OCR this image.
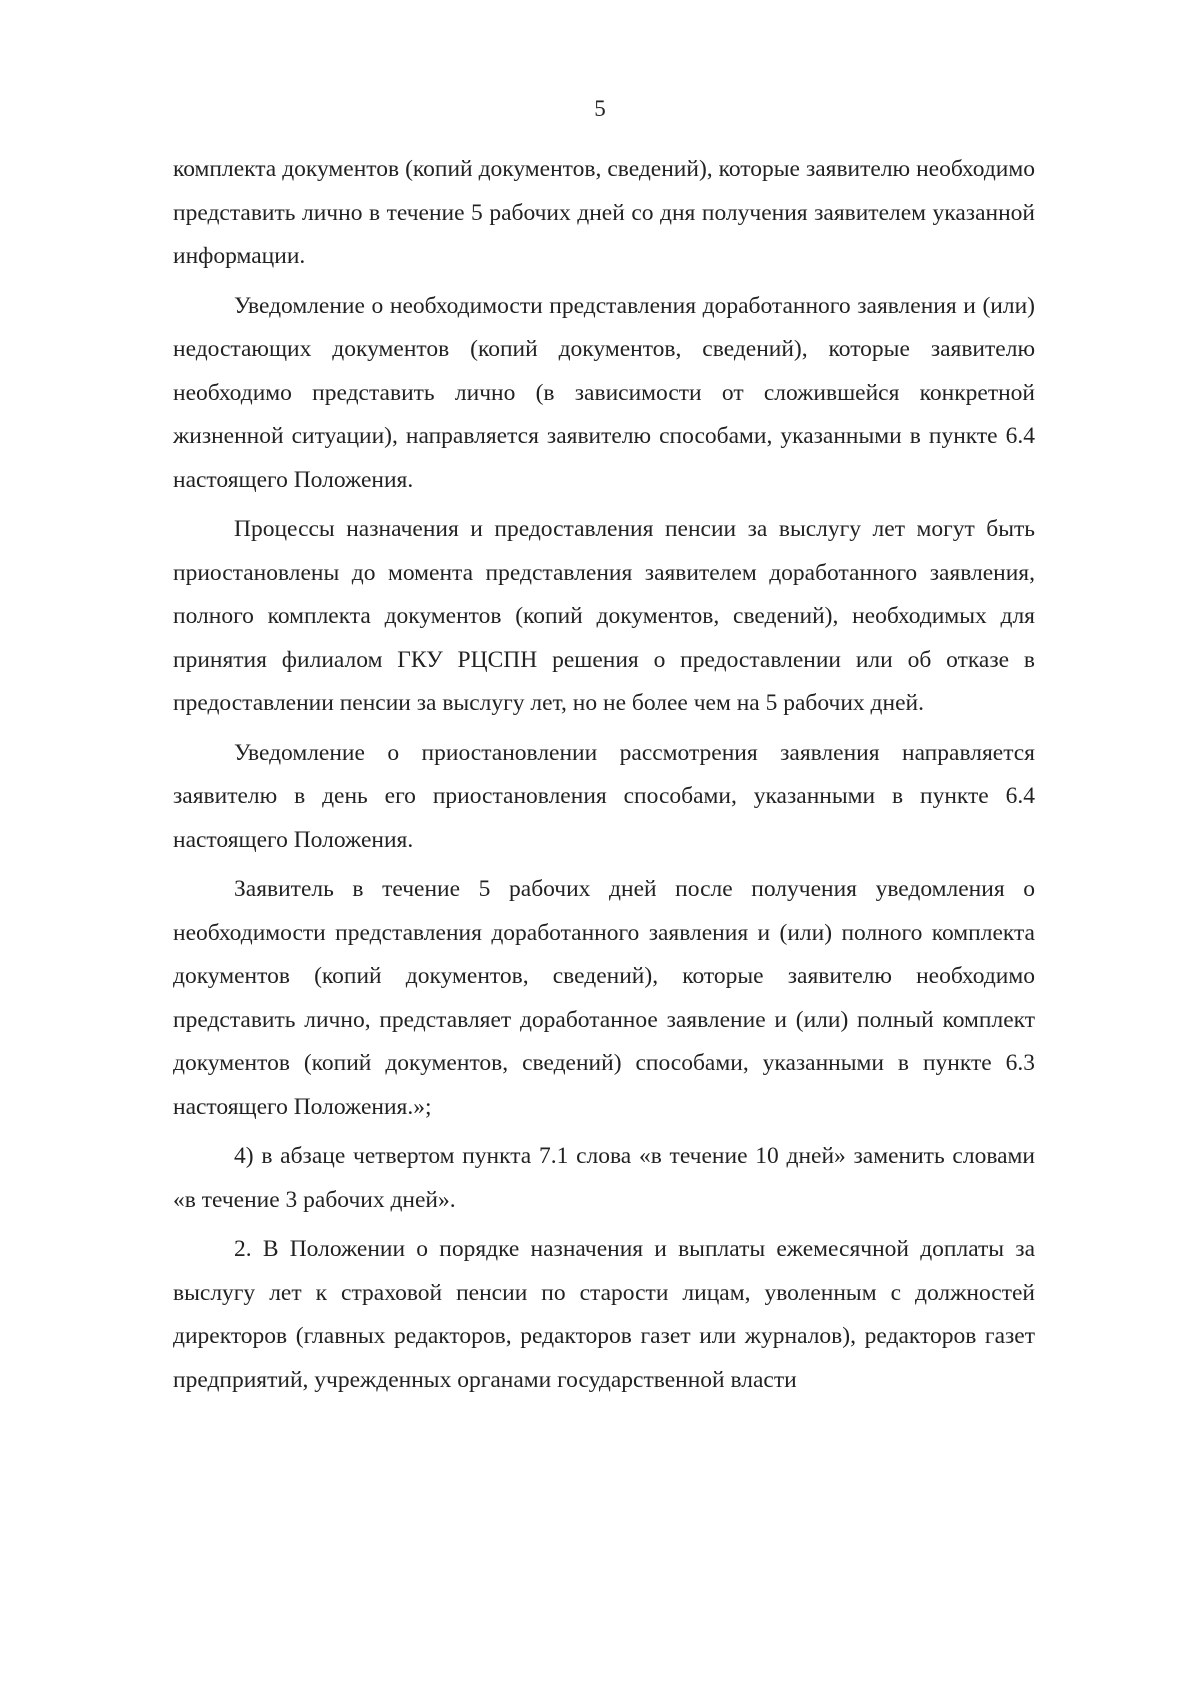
5

комплекта документов (копий документов, сведений), которые заявителю необходимо представить лично в течение 5 рабочих дней со дня получения заявителем указанной информации.

Уведомление о необходимости представления доработанного заявления и (или) недостающих документов (копий документов, сведений), которые заявителю необходимо представить лично (в зависимости от сложившейся конкретной жизненной ситуации), направляется заявителю способами, указанными в пункте 6.4 настоящего Положения.

Процессы назначения и предоставления пенсии за выслугу лет могут быть приостановлены до момента представления заявителем доработанного заявления, полного комплекта документов (копий документов, сведений), необходимых для принятия филиалом ГКУ РЦСПН решения о предоставлении или об отказе в предоставлении пенсии за выслугу лет, но не более чем на 5 рабочих дней.

Уведомление о приостановлении рассмотрения заявления направляется заявителю в день его приостановления способами, указанными в пункте 6.4 настоящего Положения.

Заявитель в течение 5 рабочих дней после получения уведомления о необходимости представления доработанного заявления и (или) полного комплекта документов (копий документов, сведений), которые заявителю необходимо представить лично, представляет доработанное заявление и (или) полный комплект документов (копий документов, сведений) способами, указанными в пункте 6.3 настоящего Положения.»;

4) в абзаце четвертом пункта 7.1 слова «в течение 10 дней» заменить словами «в течение 3 рабочих дней».

2. В Положении о порядке назначения и выплаты ежемесячной доплаты за выслугу лет к страховой пенсии по старости лицам, уволенным с должностей директоров (главных редакторов, редакторов газет или журналов), редакторов газет предприятий, учрежденных органами государственной власти
